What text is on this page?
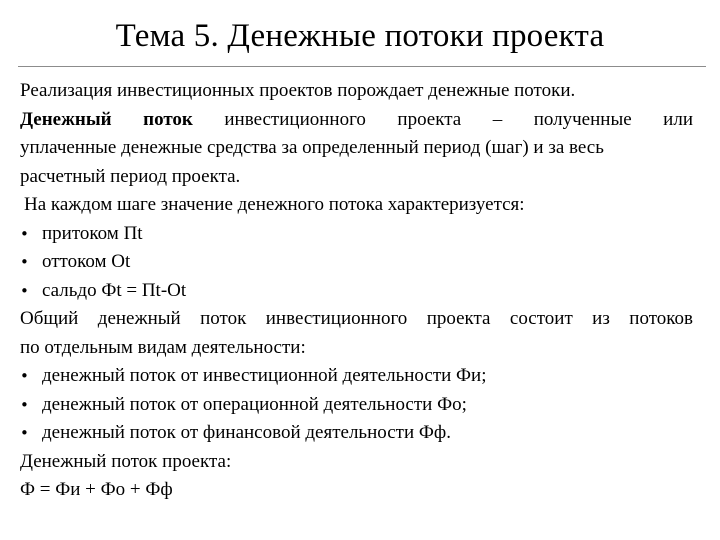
Тема 5. Денежные потоки проекта

Реализация инвестиционных проектов порождает денежные потоки.

Денежный поток инвестиционного проекта – полученные или

уплаченные денежные средства за определенный период (шаг) и за весь

расчетный период проекта.

На каждом шаге значение денежного потока характеризуется:

• притоком Пt

• оттоком Оt

• сальдо Фt = Пt-Оt

Общий денежный поток инвестиционного проекта состоит из потоков

по отдельным видам деятельности:

• денежный поток от инвестиционной деятельности Фи;

• денежный поток от операционной деятельности Фо;

• денежный поток от финансовой деятельности Фф.

Денежный поток проекта:

Ф = Фи + Фо + Фф
